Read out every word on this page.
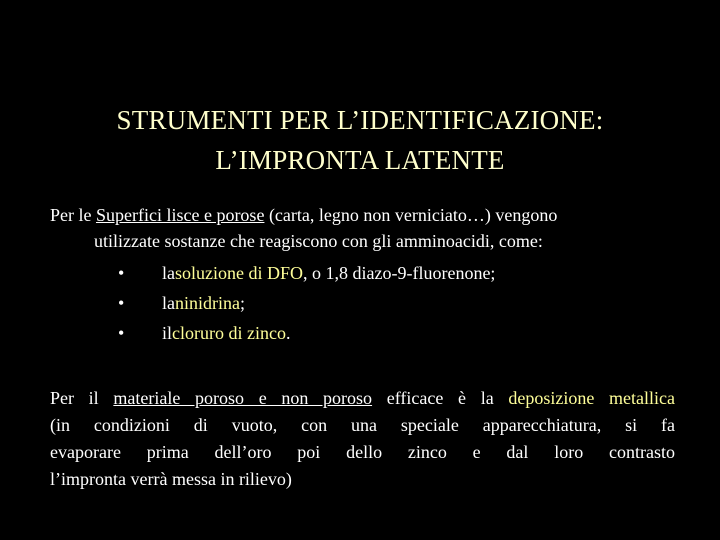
STRUMENTI PER L’IDENTIFICAZIONE:
L’IMPRONTA LATENTE
Per le Superfici lisce e porose (carta, legno non verniciato…) vengono
utilizzate sostanze che reagiscono con gli amminoacidi, come:
•	la soluzione di DFO , o 1,8 diazo-9-fluorenone;
•	la ninidrina ;
•	il cloruro di zinco .
Per il materiale poroso e non poroso efficace è la deposizione metallica
(in condizioni di vuoto, con una speciale apparecchiatura, si fa
evaporare prima dell’oro poi dello zinco e dal loro contrasto
l’impronta verrà messa in rilievo)
